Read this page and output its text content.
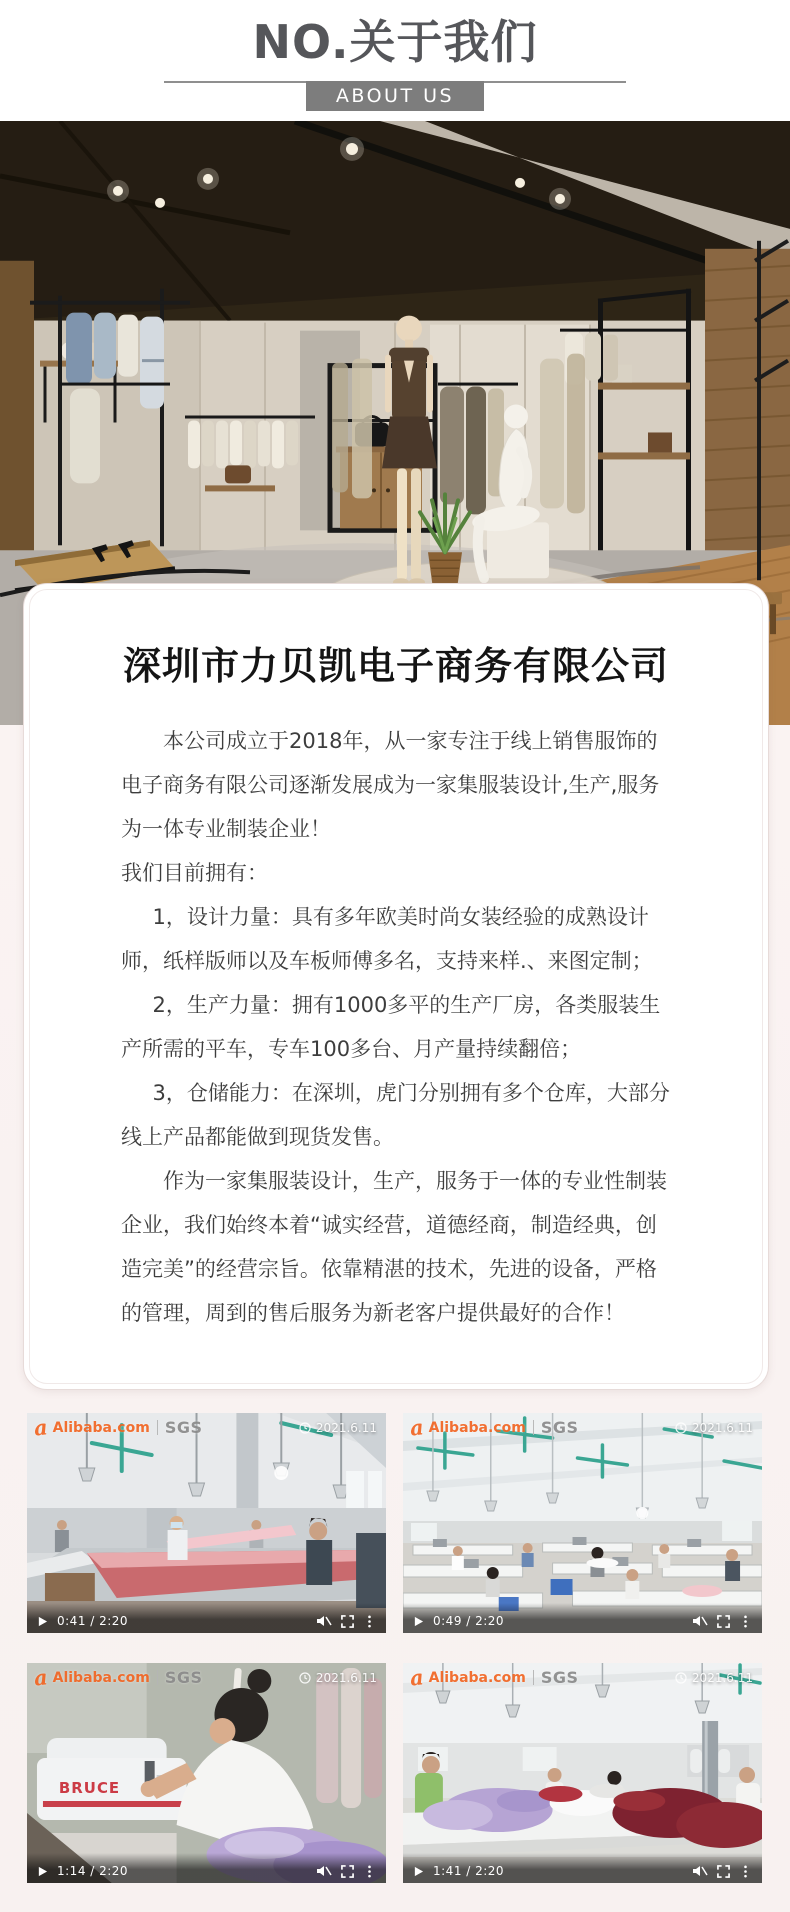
NO.关于我们
ABOUT US
深圳市力贝凯电子商务有限公司

本公司成立于2018年，从一家专注于线上销售服饰的电子商务有限公司逐渐发展成为一家集服装设计,生产,服务为一体专业制装企业！

我们目前拥有：

1，设计力量：具有多年欧美时尚女装经验的成熟设计师，纸样版师以及车板师傅多名，支持来样.、来图定制；

2，生产力量：拥有1000多平的生产厂房，各类服装生产所需的平车，专车100多台、月产量持续翻倍；

3，仓储能力：在深圳，虎门分别拥有多个仓库，大部分线上产品都能做到现货发售。

作为一家集服装设计，生产，服务于一体的专业性制装企业，我们始终本着“诚实经营，道德经商，制造经典，创造完美”的经营宗旨。依靠精湛的技术，先进的设备，严格的管理，周到的售后服务为新老客户提供最好的合作！

a Alibaba.com SGS	2021.6.11
0:41 / 2:20
a Alibaba.com SGS	2021.6.11
0:49 / 2:20
BRUCE
a Alibaba.com SGS	2021.6.11
1:14 / 2:20
a Alibaba.com SGS	2021.6.11
1:41 / 2:20
